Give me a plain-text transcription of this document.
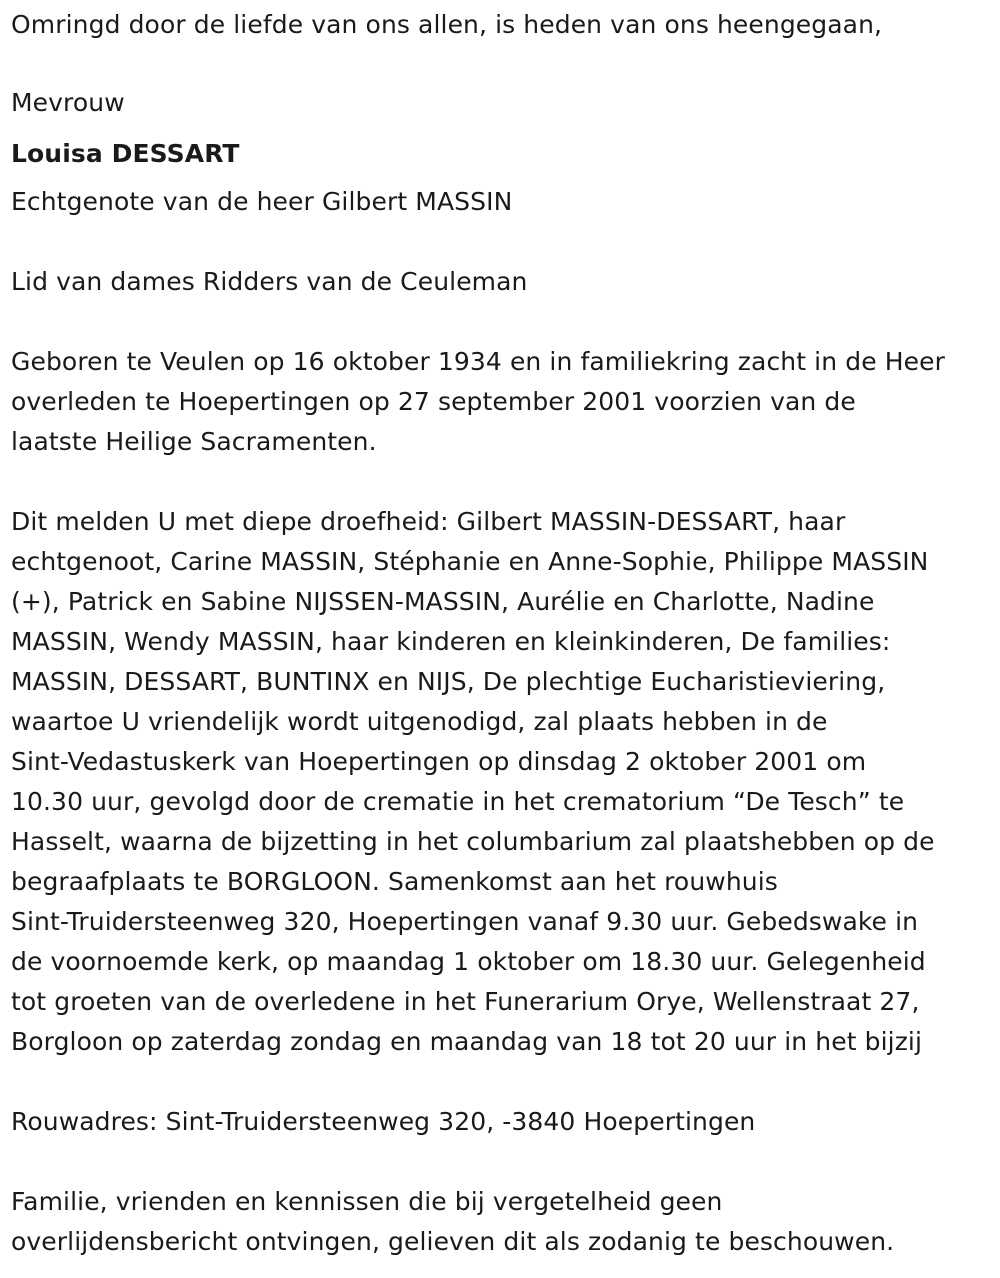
Omringd door de liefde van ons allen, is heden van ons heengegaan,
Mevrouw
Louisa DESSART
Echtgenote van de heer Gilbert MASSIN
Lid van dames Ridders van de Ceuleman
Geboren te Veulen op 16 oktober 1934 en in familiekring zacht in de Heer
overleden te Hoepertingen op 27 september 2001 voorzien van de
laatste Heilige Sacramenten.
Dit melden U met diepe droefheid: Gilbert MASSIN-DESSART, haar
echtgenoot, Carine MASSIN, Stéphanie en Anne-Sophie, Philippe MASSIN
(+), Patrick en Sabine NIJSSEN-MASSIN, Aurélie en Charlotte, Nadine
MASSIN, Wendy MASSIN, haar kinderen en kleinkinderen, De families:
MASSIN, DESSART, BUNTINX en NIJS, De plechtige Eucharistieviering,
waartoe U vriendelijk wordt uitgenodigd, zal plaats hebben in de
Sint-Vedastuskerk van Hoepertingen op dinsdag 2 oktober 2001 om
10.30 uur, gevolgd door de crematie in het crematorium “De Tesch” te
Hasselt, waarna de bijzetting in het columbarium zal plaatshebben op de
begraafplaats te BORGLOON. Samenkomst aan het rouwhuis
Sint-Truidersteenweg 320, Hoepertingen vanaf 9.30 uur. Gebedswake in
de voornoemde kerk, op maandag 1 oktober om 18.30 uur. Gelegenheid
tot groeten van de overledene in het Funerarium Orye, Wellenstraat 27,
Borgloon op zaterdag zondag en maandag van 18 tot 20 uur in het bijzij
Rouwadres: Sint-Truidersteenweg 320, -3840 Hoepertingen
Familie, vrienden en kennissen die bij vergetelheid geen
overlijdensbericht ontvingen, gelieven dit als zodanig te beschouwen.
